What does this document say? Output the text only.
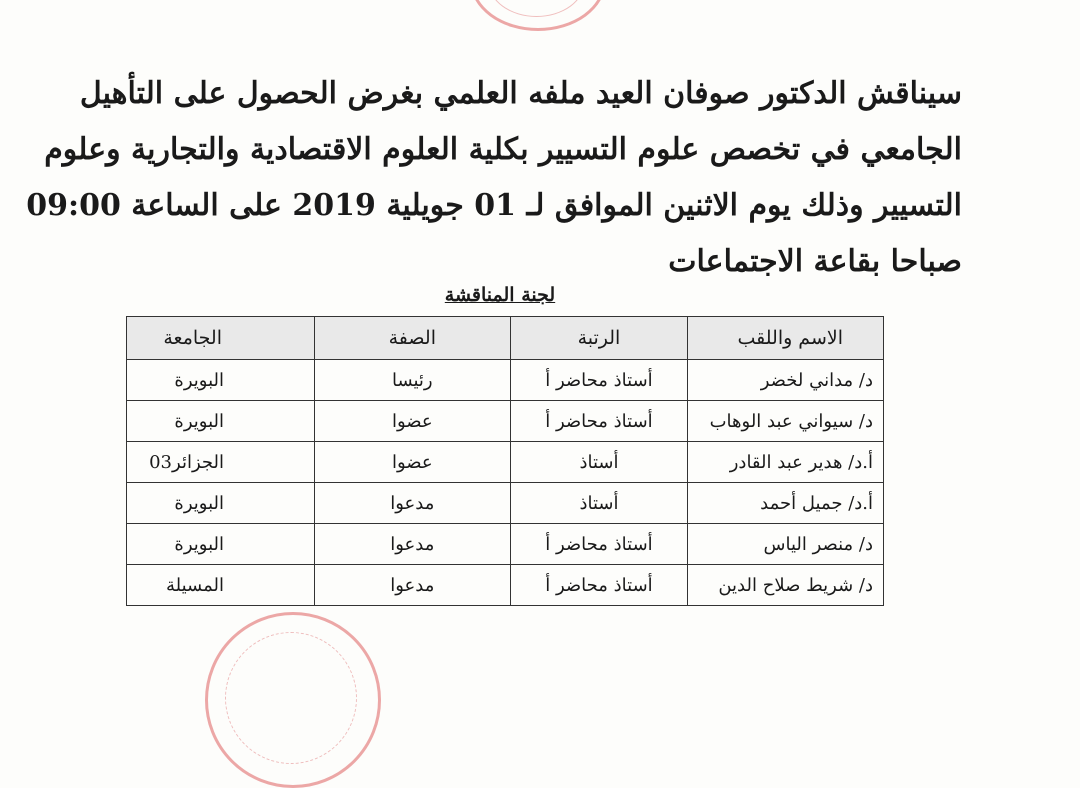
سيناقش الدكتور صوفان العيد ملفه العلمي بغرض الحصول على التأهيل
الجامعي في تخصص علوم التسيير بكلية العلوم الاقتصادية والتجارية وعلوم
التسيير وذلك يوم الاثنين الموافق لـ 01 جويلية 2019 على الساعة 09:00
صباحا بقاعة الاجتماعات
لجنة المناقشة
الاسم واللقب	الرتبة	الصفة	الجامعة
د/ مداني لخضر	أستاذ محاضر أ	رئيسا	البويرة
د/ سيواني عبد الوهاب	أستاذ محاضر أ	عضوا	البويرة
أ.د/ هدير عبد القادر	أستاذ	عضوا	الجزائر03
أ.د/ جميل أحمد	أستاذ	مدعوا	البويرة
د/ منصر الياس	أستاذ محاضر أ	مدعوا	البويرة
د/ شريط صلاح الدين	أستاذ محاضر أ	مدعوا	المسيلة
